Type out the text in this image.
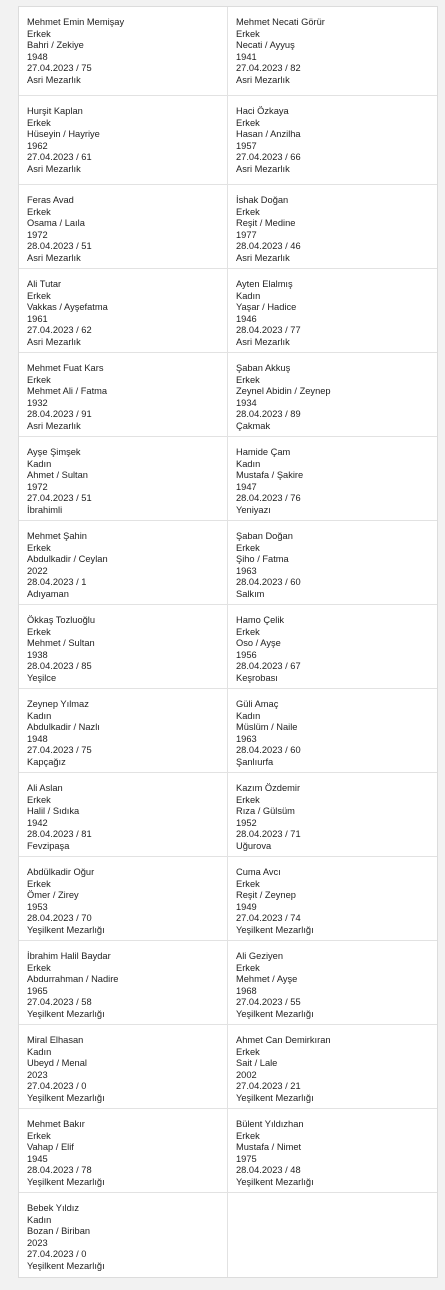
Mehmet Emin Memişay
Erkek
Bahri / Zekiye
1948
27.04.2023 / 75
Asri Mezarlık
Mehmet Necati Görür
Erkek
Necati / Ayyuş
1941
27.04.2023 / 82
Asri Mezarlık
Hurşit Kaplan
Erkek
Hüseyin / Hayriye
1962
27.04.2023 / 61
Asri Mezarlık
Haci Özkaya
Erkek
Hasan / Anzilha
1957
27.04.2023 / 66
Asri Mezarlık
Feras Avad
Erkek
Osama / Laıla
1972
28.04.2023 / 51
Asri Mezarlık
İshak Doğan
Erkek
Reşit / Medine
1977
28.04.2023 / 46
Asri Mezarlık
Ali Tutar
Erkek
Vakkas / Ayşefatma
1961
27.04.2023 / 62
Asri Mezarlık
Ayten Elalmış
Kadın
Yaşar / Hadice
1946
28.04.2023 / 77
Asri Mezarlık
Mehmet Fuat Kars
Erkek
Mehmet Ali / Fatma
1932
28.04.2023 / 91
Asri Mezarlık
Şaban Akkuş
Erkek
Zeynel Abidin / Zeynep
1934
28.04.2023 / 89
Çakmak
Ayşe Şimşek
Kadın
Ahmet / Sultan
1972
27.04.2023 / 51
İbrahimli
Hamide Çam
Kadın
Mustafa / Şakire
1947
28.04.2023 / 76
Yeniyazı
Mehmet Şahin
Erkek
Abdulkadir / Ceylan
2022
28.04.2023 / 1
Adıyaman
Şaban Doğan
Erkek
Şiho / Fatma
1963
28.04.2023 / 60
Salkım
Ökkaş Tozluoğlu
Erkek
Mehmet / Sultan
1938
28.04.2023 / 85
Yeşilce
Hamo Çelik
Erkek
Oso / Ayşe
1956
28.04.2023 / 67
Keşrobası
Zeynep Yılmaz
Kadın
Abdulkadir / Nazlı
1948
27.04.2023 / 75
Kapçağız
Güli Amaç
Kadın
Müslüm / Naile
1963
28.04.2023 / 60
Şanlıurfa
Ali Aslan
Erkek
Halil / Sıdıka
1942
28.04.2023 / 81
Fevzipaşa
Kazım Özdemir
Erkek
Rıza / Gülsüm
1952
28.04.2023 / 71
Uğurova
Abdülkadir Oğur
Erkek
Ömer / Zirey
1953
28.04.2023 / 70
Yeşilkent Mezarlığı
Cuma Avcı
Erkek
Reşit / Zeynep
1949
27.04.2023 / 74
Yeşilkent Mezarlığı
İbrahim Halil Baydar
Erkek
Abdurrahman / Nadire
1965
27.04.2023 / 58
Yeşilkent Mezarlığı
Ali Geziyen
Erkek
Mehmet / Ayşe
1968
27.04.2023 / 55
Yeşilkent Mezarlığı
Miral Elhasan
Kadın
Ubeyd / Menal
2023
27.04.2023 / 0
Yeşilkent Mezarlığı
Ahmet Can Demirkıran
Erkek
Sait / Lale
2002
27.04.2023 / 21
Yeşilkent Mezarlığı
Mehmet Bakır
Erkek
Vahap / Elif
1945
28.04.2023 / 78
Yeşilkent Mezarlığı
Bülent Yıldızhan
Erkek
Mustafa / Nimet
1975
28.04.2023 / 48
Yeşilkent Mezarlığı
Bebek Yıldız
Kadın
Bozan / Biriban
2023
27.04.2023 / 0
Yeşilkent Mezarlığı
